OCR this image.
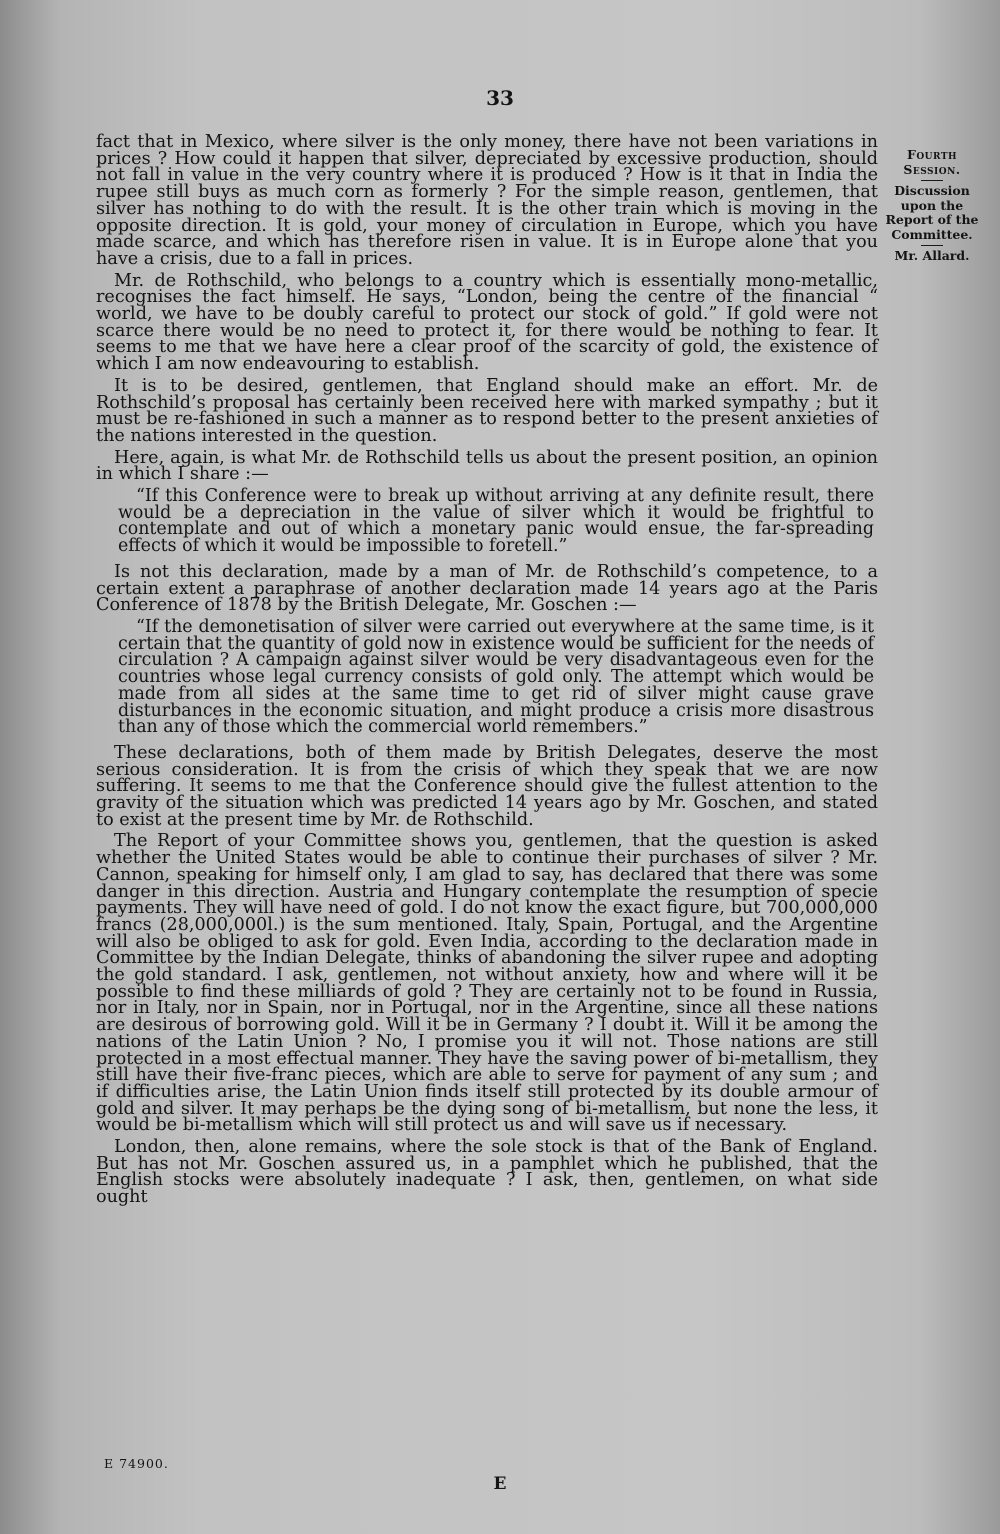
33

fact that in Mexico, where silver is the only money, there have not been variations in prices ? How could it happen that silver, depreciated by excessive production, should not fall in value in the very country where it is produced ? How is it that in India the rupee still buys as much corn as formerly ? For the simple reason, gentlemen, that silver has nothing to do with the result. It is the other train which is moving in the opposite direction. It is gold, your money of circulation in Europe, which you have made scarce, and which has therefore risen in value. It is in Europe alone that you have a crisis, due to a fall in prices.

Mr. de Rothschild, who belongs to a country which is essentially mono-metallic, recognises the fact himself. He says, “London, being the centre of the financial “ world, we have to be doubly careful to protect our stock of gold.” If gold were not scarce there would be no need to protect it, for there would be nothing to fear. It seems to me that we have here a clear proof of the scarcity of gold, the existence of which I am now endeavouring to establish.

It is to be desired, gentlemen, that England should make an effort. Mr. de Rothschild’s proposal has certainly been received here with marked sympathy ; but it must be re-fashioned in such a manner as to respond better to the present anxieties of the nations interested in the question.

Here, again, is what Mr. de Rothschild tells us about the present position, an opinion in which I share :—

“If this Conference were to break up without arriving at any definite result, there would be a depreciation in the value of silver which it would be frightful to contemplate and out of which a monetary panic would ensue, the far-spreading effects of which it would be impossible to foretell.”

Is not this declaration, made by a man of Mr. de Rothschild’s competence, to a certain extent a paraphrase of another declaration made 14 years ago at the Paris Conference of 1878 by the British Delegate, Mr. Goschen :—

“If the demonetisation of silver were carried out everywhere at the same time, is it certain that the quantity of gold now in existence would be sufficient for the needs of circulation ? A campaign against silver would be very disadvantageous even for the countries whose legal currency consists of gold only. The attempt which would be made from all sides at the same time to get rid of silver might cause grave disturbances in the economic situation, and might produce a crisis more disastrous than any of those which the commercial world remembers.”

These declarations, both of them made by British Delegates, deserve the most serious consideration. It is from the crisis of which they speak that we are now suffering. It seems to me that the Conference should give the fullest attention to the gravity of the situation which was predicted 14 years ago by Mr. Goschen, and stated to exist at the present time by Mr. de Rothschild.

The Report of your Committee shows you, gentlemen, that the question is asked whether the United States would be able to continue their purchases of silver ? Mr. Cannon, speaking for himself only, I am glad to say, has declared that there was some danger in this direction. Austria and Hungary contemplate the resumption of specie payments. They will have need of gold. I do not know the exact figure, but 700,000,000 francs (28,000,000l.) is the sum mentioned. Italy, Spain, Portugal, and the Argentine will also be obliged to ask for gold. Even India, according to the declaration made in Committee by the Indian Delegate, thinks of abandoning the silver rupee and adopting the gold standard. I ask, gentlemen, not without anxiety, how and where will it be possible to find these milliards of gold ? They are certainly not to be found in Russia, nor in Italy, nor in Spain, nor in Portugal, nor in the Argentine, since all these nations are desirous of borrowing gold. Will it be in Germany ? I doubt it. Will it be among the nations of the Latin Union ? No, I promise you it will not. Those nations are still protected in a most effectual manner. They have the saving power of bi-metallism, they still have their five-franc pieces, which are able to serve for payment of any sum ; and if difficulties arise, the Latin Union finds itself still protected by its double armour of gold and silver. It may perhaps be the dying song of bi-metallism, but none the less, it would be bi-metallism which will still protect us and will save us if necessary.

London, then, alone remains, where the sole stock is that of the Bank of England. But has not Mr. Goschen assured us, in a pamphlet which he published, that the English stocks were absolutely inadequate ? I ask, then, gentlemen, on what side ought

Fourth Session.
Discussion upon the Report of the Committee.
Mr. Allard.
E 74900.
E
